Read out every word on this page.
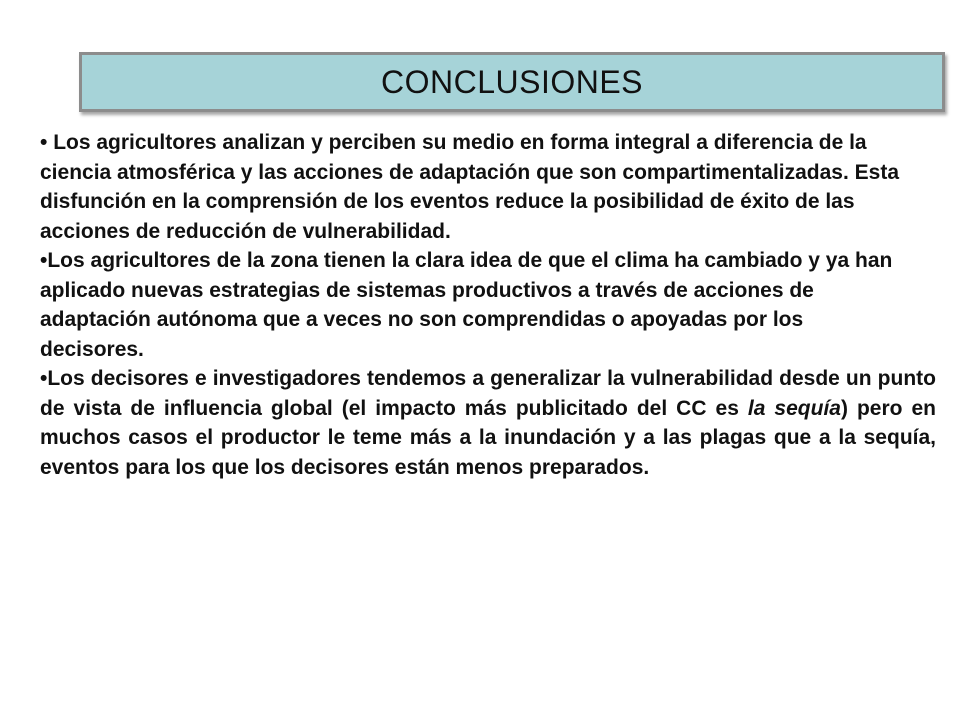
CONCLUSIONES

• Los agricultores analizan y perciben su medio en forma integral a diferencia de la ciencia atmosférica y las acciones de adaptación que son compartimentalizadas. Esta disfunción en la comprensión de los eventos reduce la posibilidad de éxito de las acciones de reducción de vulnerabilidad.

•Los agricultores de la zona tienen la clara idea de que el clima ha cambiado y ya han aplicado nuevas estrategias de sistemas productivos a través de acciones de adaptación autónoma que a veces no son comprendidas o apoyadas por los decisores.

•Los decisores e investigadores tendemos a generalizar la vulnerabilidad desde un punto de vista de influencia global (el impacto más publicitado del CC es la sequía) pero en muchos casos el productor le teme más a la inundación y a las plagas que a la sequía, eventos para los que los decisores están menos preparados.
